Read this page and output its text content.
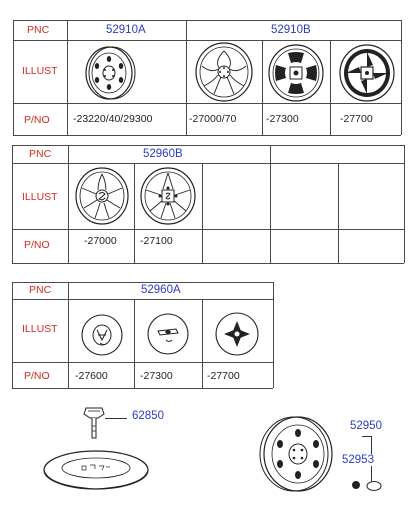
PNC
ILLUST
P/NO
52910A	52910B
-23220/40/29300	-27000/70	-27300	-27700
PNC
ILLUST
P/NO
52960B
-27000 -27100
PNC
ILLUST
P/NO
52960A
-27600	-27300	-27700
62850
52950
52953
